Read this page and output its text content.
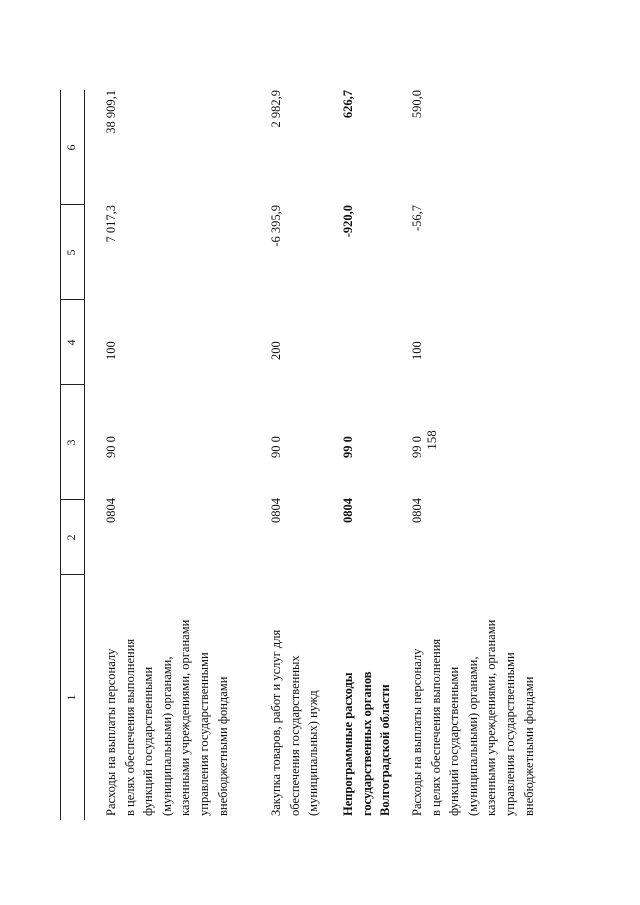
158
1
2
3
4
5
6
Расходы на выплаты персоналу в целях обеспечения выполнения функций государственными (муниципальными) органами, казенными учреждениями, органами управления государственными внебюджетными фондами
0804
90 0
100
7 017,3
38 909,1
Закупка товаров, работ и услуг для обеспечения государственных (муниципальных) нужд
0804
90 0
200
-6 395,9
2 982,9
Непрограммные расходы государственных органов Волгоградской области
0804
99 0
-920,0
626,7
Расходы на выплаты персоналу в целях обеспечения выполнения функций государственными (муниципальными) органами, казенными учреждениями, органами управления государственными внебюджетными фондами
0804
99 0
100
-56,7
590,0
